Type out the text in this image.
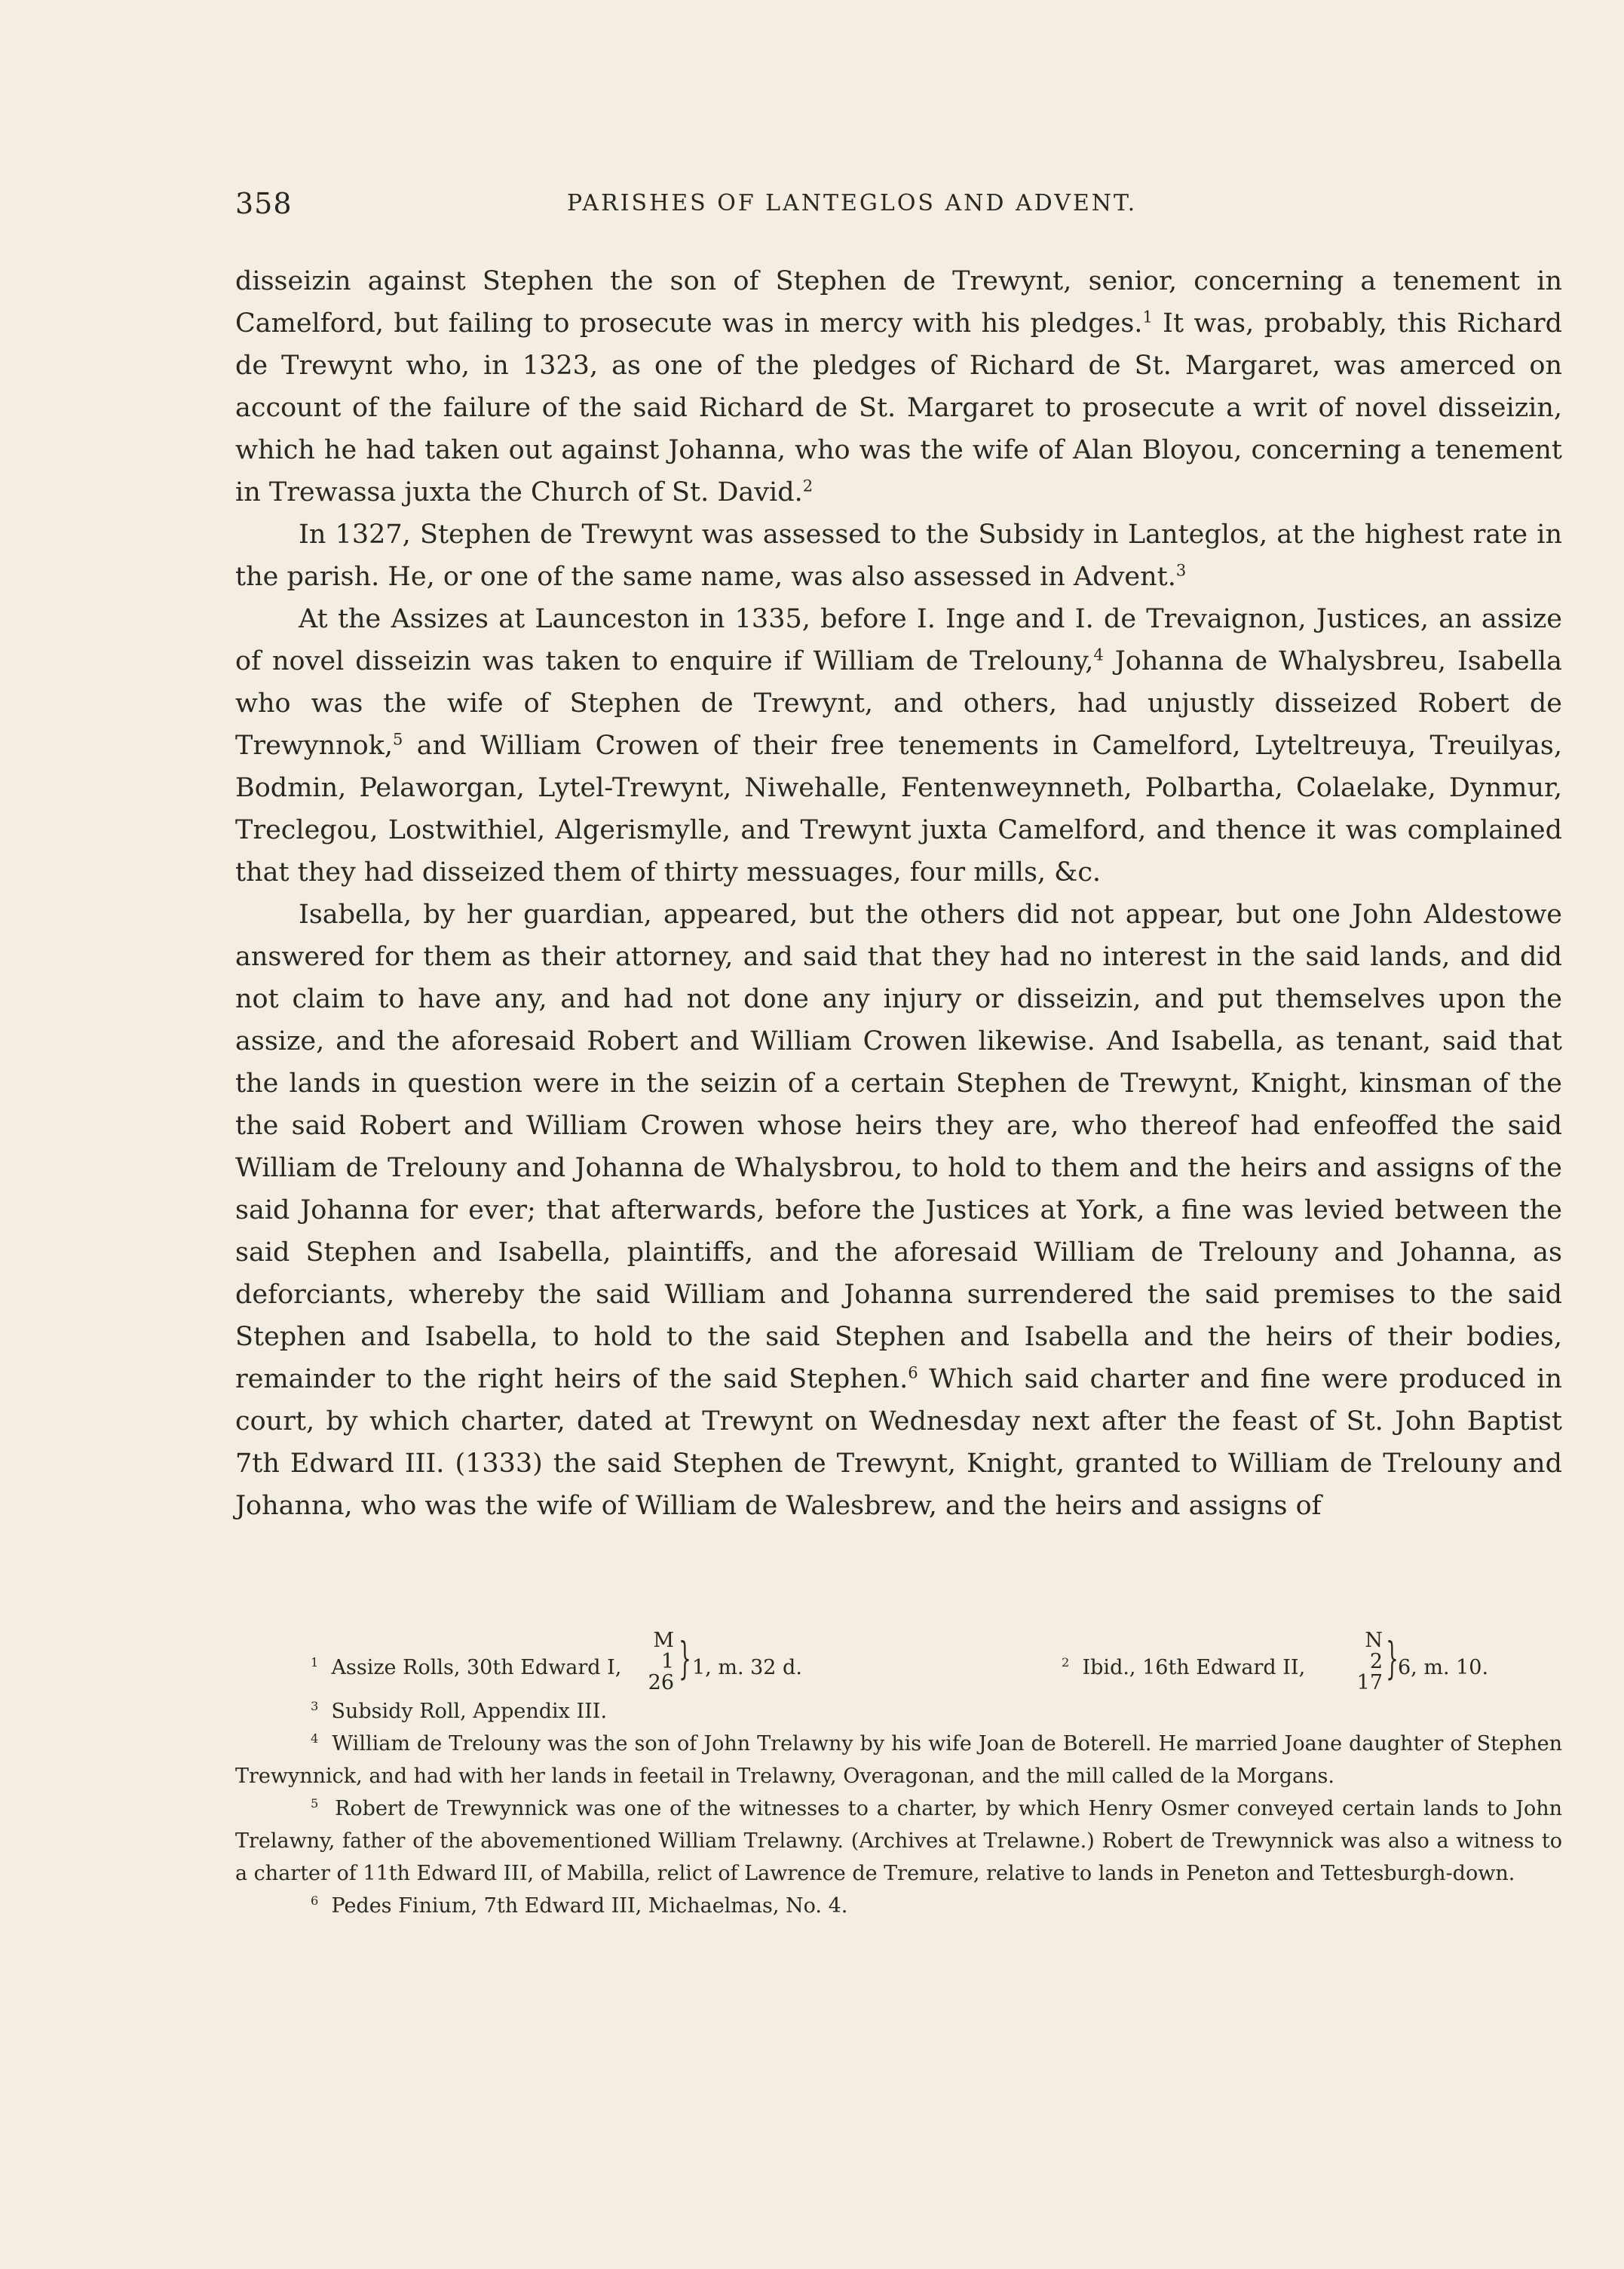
358	PARISHES OF LANTEGLOS AND ADVENT.

disseizin against Stephen the son of Stephen de Trewynt, senior, concerning a tenement in Camelford, but failing to prosecute was in mercy with his pledges.$^1$ It was, probably, this Richard de Trewynt who, in 1323, as one of the pledges of Richard de St. Margaret, was amerced on account of the failure of the said Richard de St. Margaret to prosecute a writ of novel disseizin, which he had taken out against Johanna, who was the wife of Alan Bloyou, concerning a tenement in Trewassa juxta the Church of St. David.$^2$

In 1327, Stephen de Trewynt was assessed to the Subsidy in Lanteglos, at the highest rate in the parish. He, or one of the same name, was also assessed in Advent.$^3$

At the Assizes at Launceston in 1335, before I. Inge and I. de Trevaignon, Justices, an assize of novel disseizin was taken to enquire if William de Trelouny,$^4$ Johanna de Whalysbreu, Isabella who was the wife of Stephen de Trewynt, and others, had unjustly disseized Robert de Trewynnok,$^5$ and William Crowen of their free tenements in Camelford, Lyteltreuya, Treuilyas, Bodmin, Pelaworgan, Lytel-Trewynt, Niwehalle, Fentenweynneth, Polbartha, Colaelake, Dynmur, Treclegou, Lostwithiel, Algerismylle, and Trewynt juxta Camelford, and thence it was complained that they had disseized them of thirty messuages, four mills, &c.

Isabella, by her guardian, appeared, but the others did not appear, but one John Aldestowe answered for them as their attorney, and said that they had no interest in the said lands, and did not claim to have any, and had not done any injury or disseizin, and put themselves upon the assize, and the aforesaid Robert and William Crowen likewise. And Isabella, as tenant, said that the lands in question were in the seizin of a certain Stephen de Trewynt, Knight, kinsman of the the said Robert and William Crowen whose heirs they are, who thereof had enfeoffed the said William de Trelouny and Johanna de Whalysbrou, to hold to them and the heirs and assigns of the said Johanna for ever; that afterwards, before the Justices at York, a fine was levied between the said Stephen and Isabella, plaintiffs, and the aforesaid William de Trelouny and Johanna, as deforciants, whereby the said William and Johanna surrendered the said premises to the said Stephen and Isabella, to hold to the said Stephen and Isabella and the heirs of their bodies, remainder to the right heirs of the said Stephen.$^6$ Which said charter and fine were produced in court, by which charter, dated at Trewynt on Wednesday next after the feast of St. John Baptist 7th Edward III. (1333) the said Stephen de Trewynt, Knight, granted to William de Trelouny and Johanna, who was the wife of William de Walesbrew, and the heirs and assigns of

$^1$ Assize Rolls, 30th Edward I,
M
1
26 } 1, m. 32 d.	$^2$ Ibid., 16th Edward II,
N
2
17 } 6, m. 10.
$^3$ Subsidy Roll, Appendix III.
$^4$ William de Trelouny was the son of John Trelawny by his wife Joan de Boterell. He married Joane daughter of Stephen Trewynnick, and had with her lands in feetail in Trelawny, Overagonan, and the mill called de la Morgans.
$^5$ Robert de Trewynnick was one of the witnesses to a charter, by which Henry Osmer conveyed certain lands to John Trelawny, father of the abovementioned William Trelawny. (Archives at Trelawne.) Robert de Trewynnick was also a witness to a charter of 11th Edward III, of Mabilla, relict of Lawrence de Tremure, relative to lands in Peneton and Tettesburgh-down.
$^6$ Pedes Finium, 7th Edward III, Michaelmas, No. 4.
